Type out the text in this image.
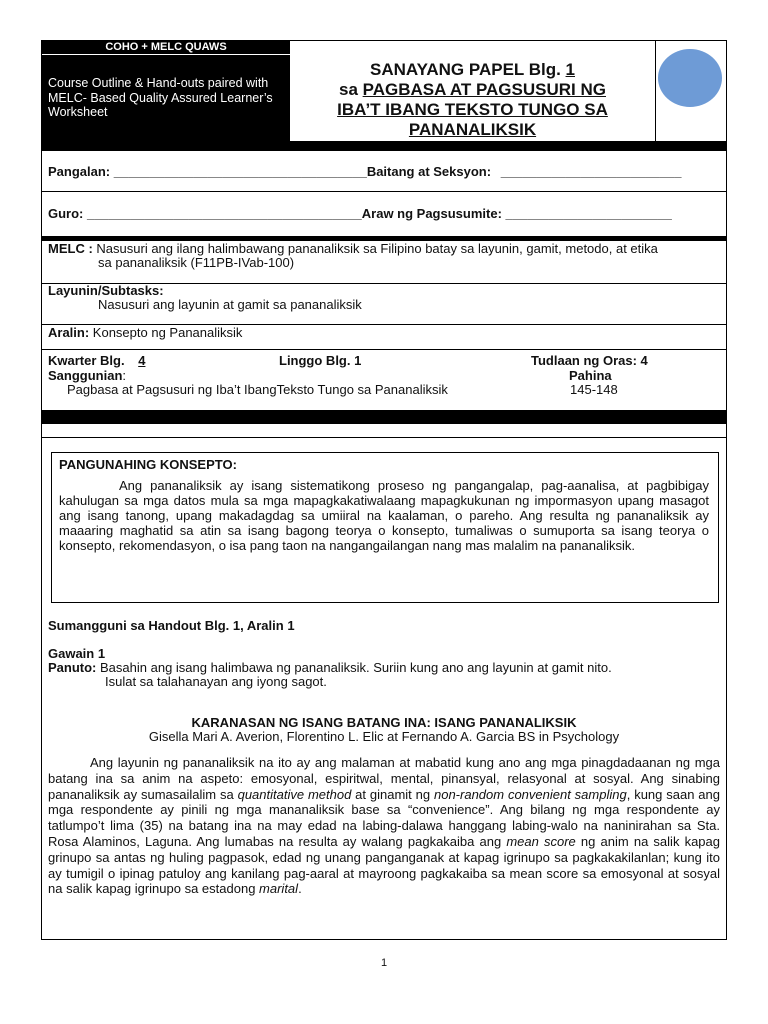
COHO + MELC QUAWS
Course Outline & Hand-outs paired with MELC- Based Quality Assured Learner’s Worksheet
SANAYANG PAPEL Blg. 1
sa PAGBASA AT PAGSUSURI NG
IBA’T IBANG TEKSTO TUNGO SA
PANANALIKSIK
Pangalan: ___________________________________Baitang at Seksyon: _________________________
Guro: ______________________________________Araw ng Pagsusumite: _______________________
MELC : Nasusuri ang ilang halimbawang pananaliksik sa Filipino batay sa layunin, gamit, metodo, at etika
sa pananaliksik (F11PB-IVab-100)
Layunin/Subtasks:
Nasusuri ang layunin at gamit sa pananaliksik
Aralin: Konsepto ng Pananaliksik
Kwarter Blg. 4	Linggo Blg. 1	Tudlaan ng Oras: 4
Sanggunian:	Pahina
Pagbasa at Pagsusuri ng Iba’t IbangTeksto Tungo sa Pananaliksik	145-148
PANGUNAHING KONSEPTO:
Ang pananaliksik ay isang sistematikong proseso ng pangangalap, pag-aanalisa, at pagbibigay kahulugan sa mga datos mula sa mga mapagkakatiwalaang mapagkukunan ng impormasyon upang masagot ang isang tanong, upang makadagdag sa umiiral na kaalaman, o pareho. Ang resulta ng pananaliksik ay maaaring maghatid sa atin sa isang bagong teorya o konsepto, tumaliwas o sumuporta sa isang teorya o konsepto, rekomendasyon, o isa pang taon na nangangailangan nang mas malalim na pananaliksik.
Sumangguni sa Handout Blg. 1, Aralin 1
Gawain 1
Panuto: Basahin ang isang halimbawa ng pananaliksik. Suriin kung ano ang layunin at gamit nito.
Isulat sa talahanayan ang iyong sagot.
KARANASAN NG ISANG BATANG INA: ISANG PANANALIKSIK
Gisella Mari A. Averion, Florentino L. Elic at Fernando A. Garcia BS in Psychology
Ang layunin ng pananaliksik na ito ay ang malaman at mabatid kung ano ang mga pinagdadaanan ng mga batang ina sa anim na aspeto: emosyonal, espiritwal, mental, pinansyal, relasyonal at sosyal. Ang sinabing pananaliksik ay sumasailalim sa quantitative method at ginamit ng non-random convenient sampling, kung saan ang mga respondente ay pinili ng mga mananaliksik base sa “convenience”. Ang bilang ng mga respondente ay tatlumpo’t lima (35) na batang ina na may edad na labing-dalawa hanggang labing-walo na naninirahan sa Sta. Rosa Alaminos, Laguna. Ang lumabas na resulta ay walang pagkakaiba ang mean score ng anim na salik kapag grinupo sa antas ng huling pagpasok, edad ng unang panganganak at kapag igrinupo sa pagkakakilanlan; kung ito ay tumigil o ipinag patuloy ang kanilang pag-aaral at mayroong pagkakaiba sa mean score sa emosyonal at sosyal na salik kapag igrinupo sa estadong marital.
1
